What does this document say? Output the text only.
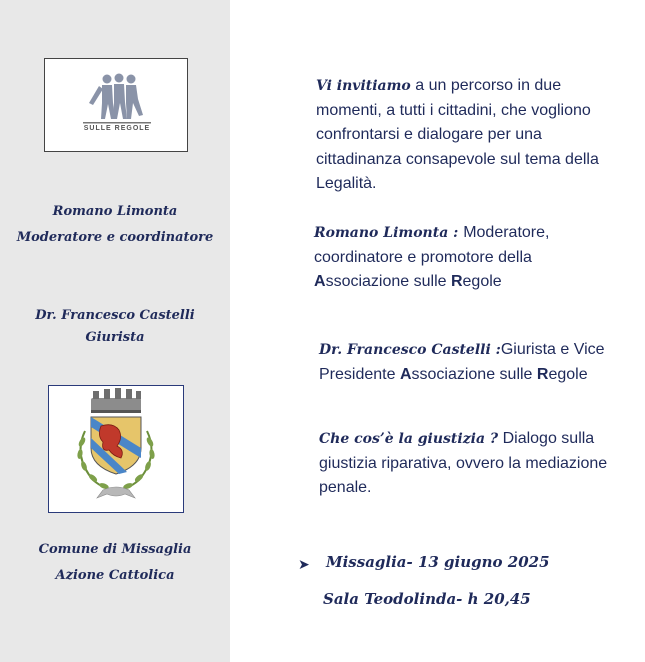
SULLE REGOLE
Romano Limonta
Moderatore e coordinatore
Dr. Francesco Castelli
Giurista
Comune di Missaglia
Azione Cattolica
Vi invitiamo a un percorso in due momenti, a tutti i cittadini, che vogliono confrontarsi e dialogare per una cittadinanza consapevole sul tema della Legalità.
Romano Limonta : Moderatore, coordinatore e promotore della Associazione sulle Regole
Dr. Francesco Castelli :Giurista e Vice Presidente Associazione sulle Regole
Che cos’è la giustizia ? Dialogo sulla giustizia riparativa, ovvero la mediazione penale.
➤ Missaglia- 13 giugno 2025
Sala Teodolinda- h 20,45
